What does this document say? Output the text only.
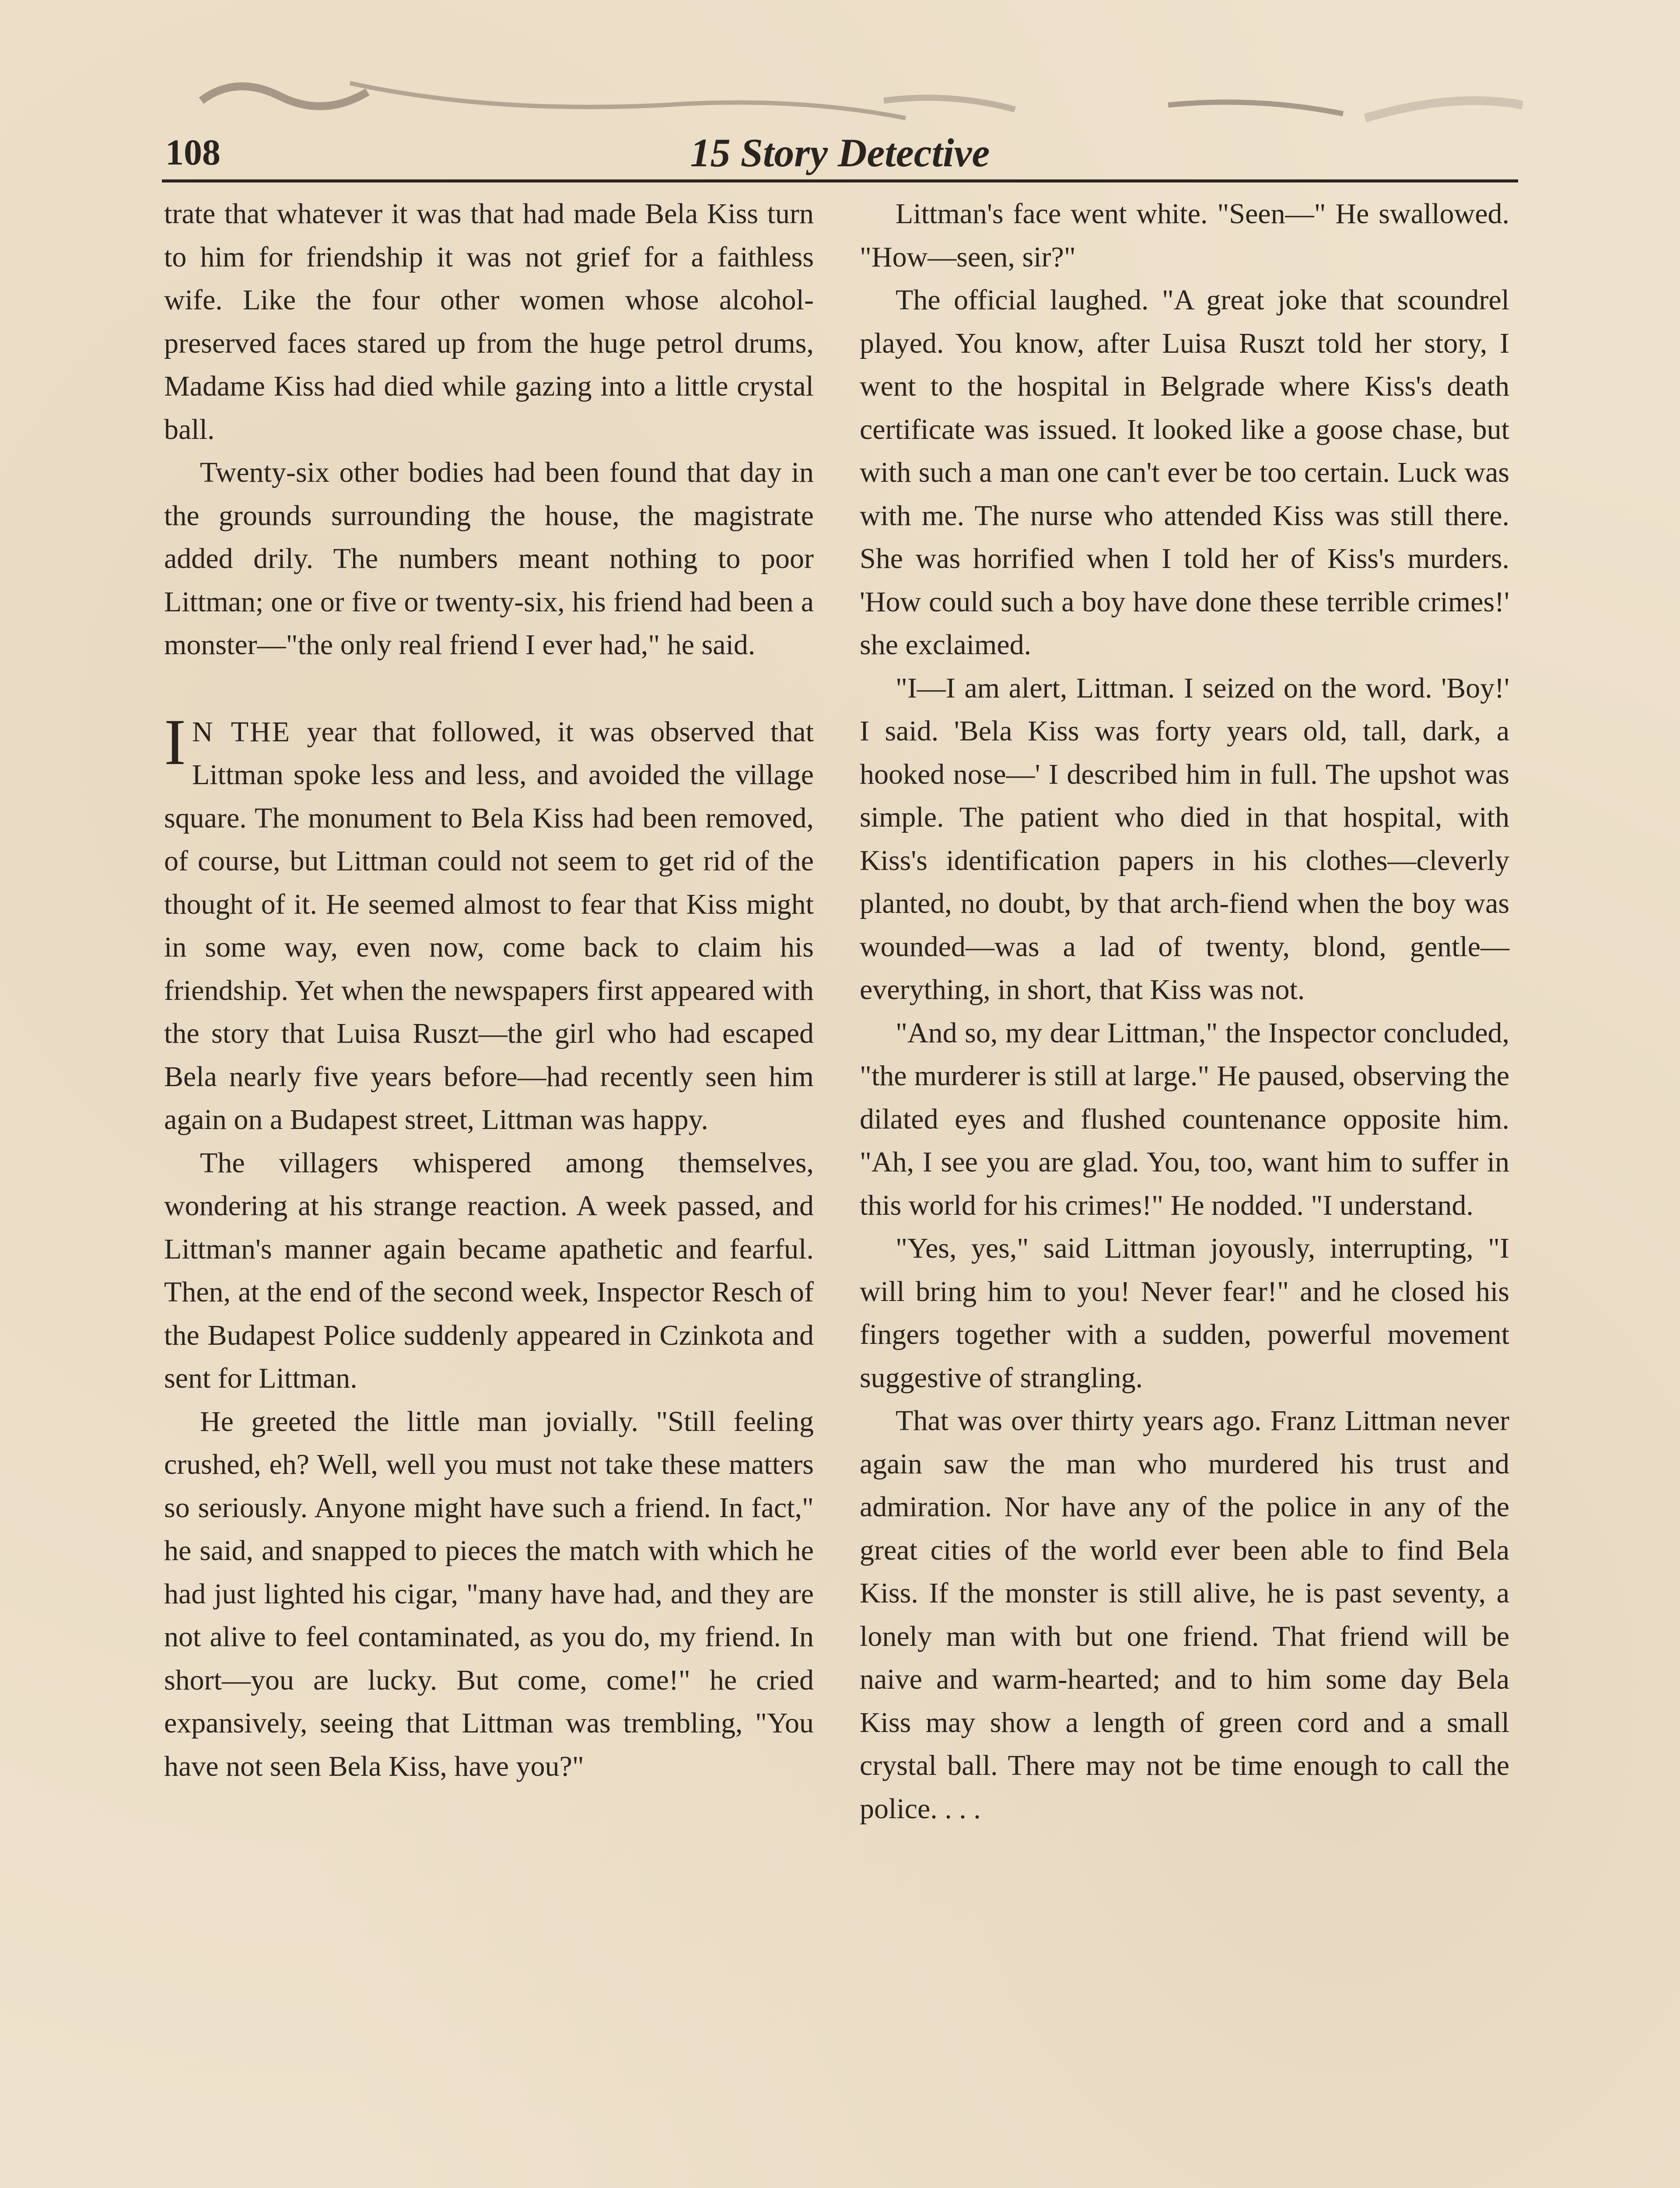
108	15 Story Detective

trate that whatever it was that had made Bela Kiss turn to him for friendship it was not grief for a faithless wife. Like the four other women whose alcohol-preserved faces stared up from the huge petrol drums, Madame Kiss had died while gazing into a little crystal ball.

Twenty-six other bodies had been found that day in the grounds surrounding the house, the magistrate added drily. The numbers meant nothing to poor Littman; one or five or twenty-six, his friend had been a monster—"the only real friend I ever had," he said.

I N THE year that followed, it was observed that Littman spoke less and less, and avoided the village square. The monument to Bela Kiss had been removed, of course, but Littman could not seem to get rid of the thought of it. He seemed almost to fear that Kiss might in some way, even now, come back to claim his friendship. Yet when the newspapers first appeared with the story that Luisa Ruszt—the girl who had escaped Bela nearly five years before—had recently seen him again on a Budapest street, Littman was happy.

The villagers whispered among themselves, wondering at his strange reaction. A week passed, and Littman's manner again became apathetic and fearful. Then, at the end of the second week, Inspector Resch of the Budapest Police suddenly appeared in Czinkota and sent for Littman.

He greeted the little man jovially. "Still feeling crushed, eh? Well, well you must not take these matters so seriously. Anyone might have such a friend. In fact," he said, and snapped to pieces the match with which he had just lighted his cigar, "many have had, and they are not alive to feel contaminated, as you do, my friend. In short—you are lucky. But come, come!" he cried expansively, seeing that Littman was trembling, "You have not seen Bela Kiss, have you?"

Littman's face went white. "Seen—" He swallowed. "How—seen, sir?"

The official laughed. "A great joke that scoundrel played. You know, after Luisa Ruszt told her story, I went to the hospital in Belgrade where Kiss's death certificate was issued. It looked like a goose chase, but with such a man one can't ever be too certain. Luck was with me. The nurse who attended Kiss was still there. She was horrified when I told her of Kiss's murders. 'How could such a boy have done these terrible crimes!' she exclaimed.

"I—I am alert, Littman. I seized on the word. 'Boy!' I said. 'Bela Kiss was forty years old, tall, dark, a hooked nose—' I described him in full. The upshot was simple. The patient who died in that hospital, with Kiss's identification papers in his clothes—cleverly planted, no doubt, by that arch-fiend when the boy was wounded—was a lad of twenty, blond, gentle—everything, in short, that Kiss was not.

"And so, my dear Littman," the Inspector concluded, "the murderer is still at large." He paused, observing the dilated eyes and flushed countenance opposite him. "Ah, I see you are glad. You, too, want him to suffer in this world for his crimes!" He nodded. "I understand.

"Yes, yes," said Littman joyously, interrupting, "I will bring him to you! Never fear!" and he closed his fingers together with a sudden, powerful movement suggestive of strangling.

That was over thirty years ago. Franz Littman never again saw the man who murdered his trust and admiration. Nor have any of the police in any of the great cities of the world ever been able to find Bela Kiss. If the monster is still alive, he is past seventy, a lonely man with but one friend. That friend will be naive and warm-hearted; and to him some day Bela Kiss may show a length of green cord and a small crystal ball. There may not be time enough to call the police. . . .
